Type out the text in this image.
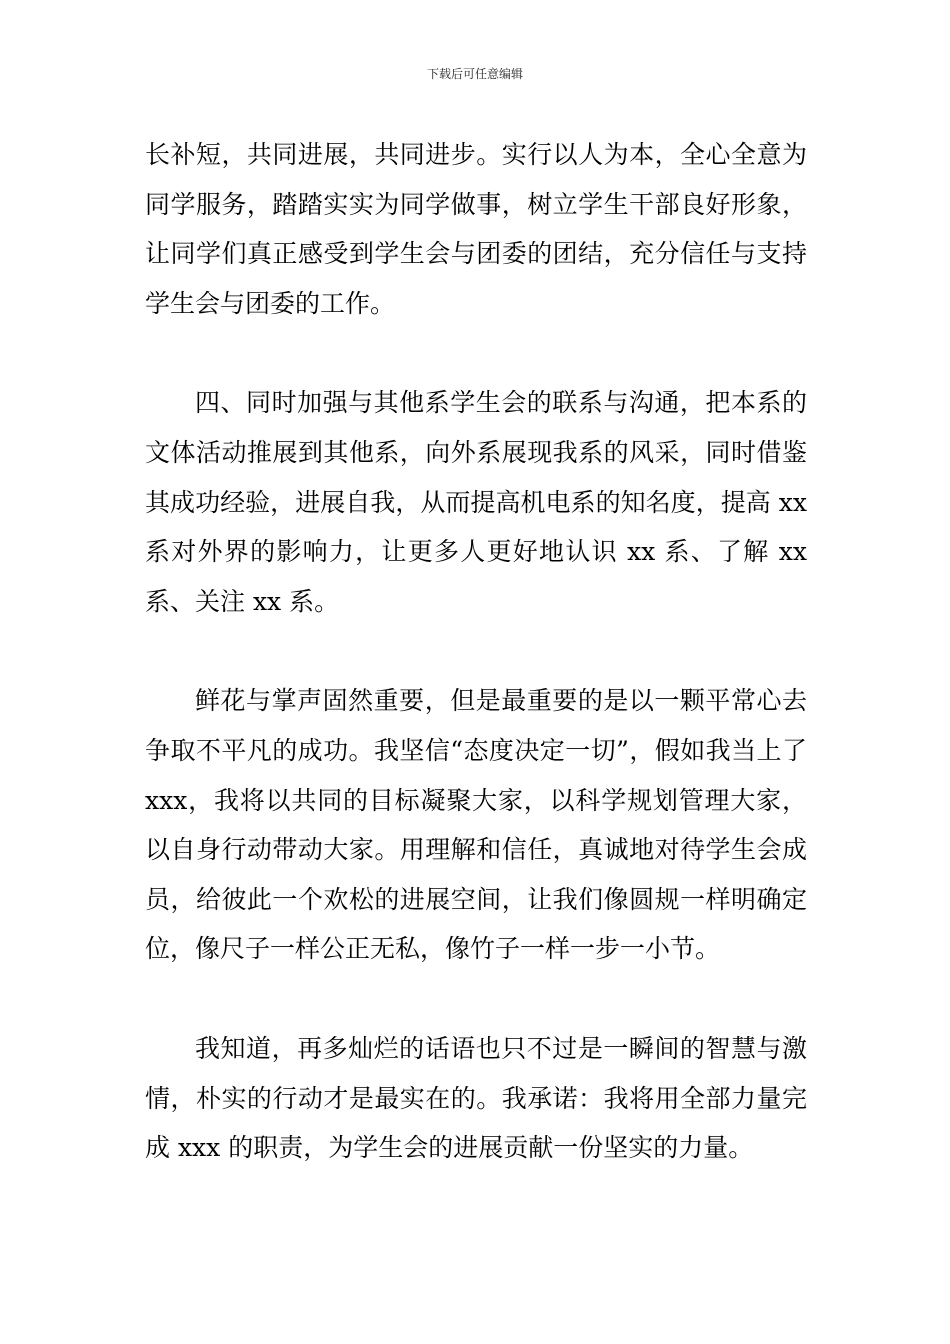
下载后可任意编辑

长补短，共同进展，共同进步。实行以人为本，全心全意为同学服务，踏踏实实为同学做事，树立学生干部良好形象，让同学们真正感受到学生会与团委的团结，充分信任与支持学生会与团委的工作。

四、同时加强与其他系学生会的联系与沟通，把本系的文体活动推展到其他系，向外系展现我系的风采，同时借鉴其成功经验，进展自我，从而提高机电系的知名度，提高 xx 系对外界的影响力，让更多人更好地认识 xx 系、了解 xx 系、关注 xx 系。

鲜花与掌声固然重要，但是最重要的是以一颗平常心去争取不平凡的成功。我坚信“态度决定一切”，假如我当上了 xxx，我将以共同的目标凝聚大家，以科学规划管理大家，以自身行动带动大家。用理解和信任，真诚地对待学生会成员，给彼此一个欢松的进展空间，让我们像圆规一样明确定位，像尺子一样公正无私，像竹子一样一步一小节。

我知道，再多灿烂的话语也只不过是一瞬间的智慧与激情，朴实的行动才是最实在的。我承诺：我将用全部力量完成 xxx 的职责，为学生会的进展贡献一份坚实的力量。
